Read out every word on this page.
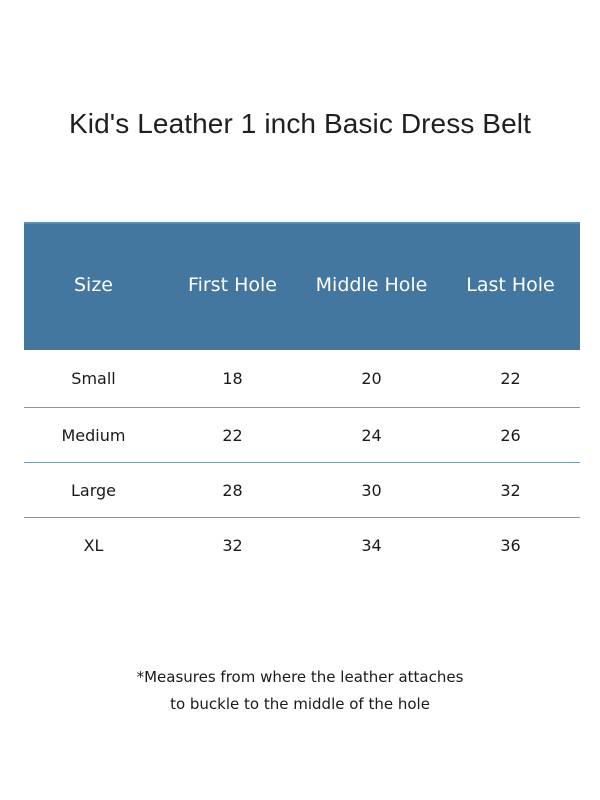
Kid's Leather 1 inch Basic Dress Belt
Size	First Hole	Middle Hole	Last Hole
Small	18	20	22
Medium	22	24	26
Large	28	30	32
XL	32	34	36
*Measures from where the leather attaches
to buckle to the middle of the hole
